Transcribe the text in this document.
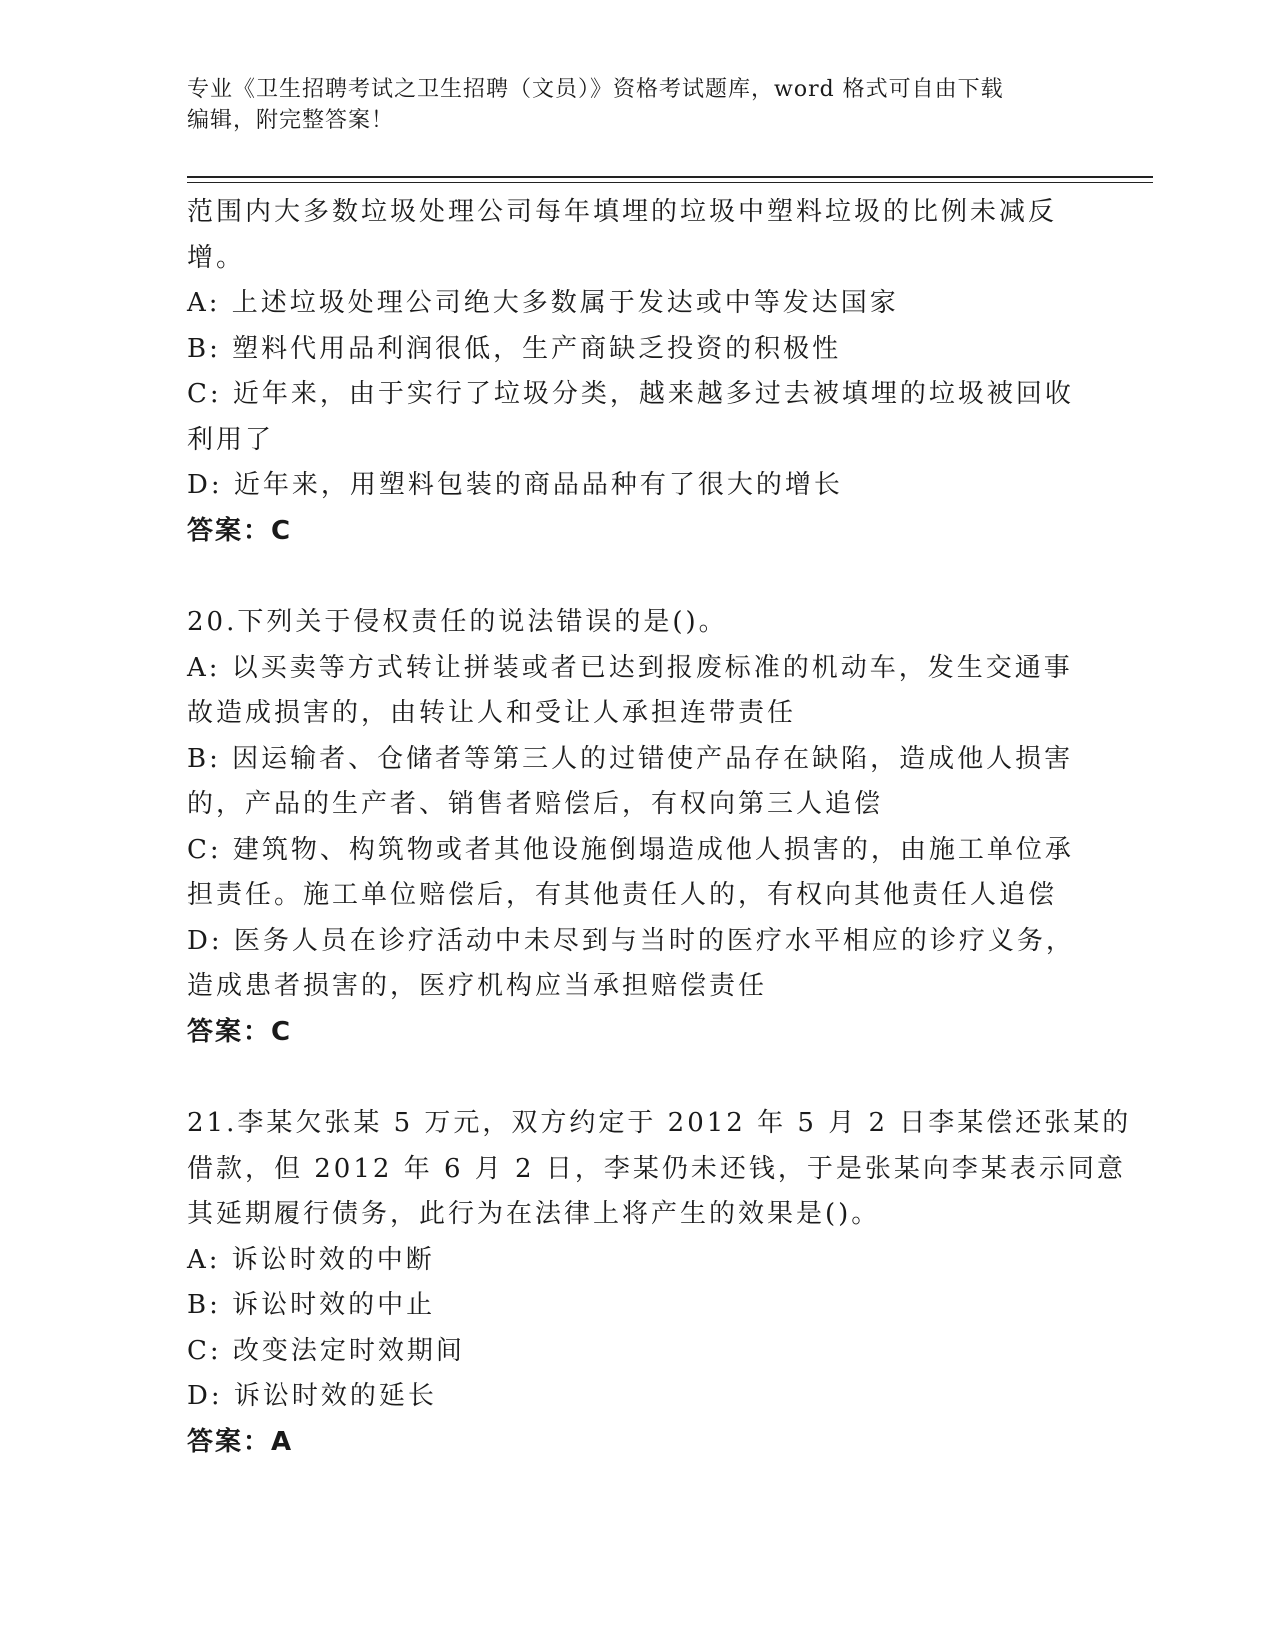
专业《卫生招聘考试之卫生招聘（文员）》资格考试题库，word 格式可自由下载
编辑，附完整答案！
范围内大多数垃圾处理公司每年填埋的垃圾中塑料垃圾的比例未减反
增。
A: 上述垃圾处理公司绝大多数属于发达或中等发达国家
B: 塑料代用品利润很低，生产商缺乏投资的积极性
C: 近年来，由于实行了垃圾分类，越来越多过去被填埋的垃圾被回收
利用了
D: 近年来，用塑料包装的商品品种有了很大的增长
答案：C
20.下列关于侵权责任的说法错误的是()。
A: 以买卖等方式转让拼装或者已达到报废标准的机动车，发生交通事
故造成损害的，由转让人和受让人承担连带责任
B: 因运输者、仓储者等第三人的过错使产品存在缺陷，造成他人损害
的，产品的生产者、销售者赔偿后，有权向第三人追偿
C: 建筑物、构筑物或者其他设施倒塌造成他人损害的，由施工单位承
担责任。施工单位赔偿后，有其他责任人的，有权向其他责任人追偿
D: 医务人员在诊疗活动中未尽到与当时的医疗水平相应的诊疗义务，
造成患者损害的，医疗机构应当承担赔偿责任
答案：C
21.李某欠张某 5 万元，双方约定于 2012 年 5 月 2 日李某偿还张某的
借款，但 2012 年 6 月 2 日，李某仍未还钱，于是张某向李某表示同意
其延期履行债务，此行为在法律上将产生的效果是()。
A: 诉讼时效的中断
B: 诉讼时效的中止
C: 改变法定时效期间
D: 诉讼时效的延长
答案：A
